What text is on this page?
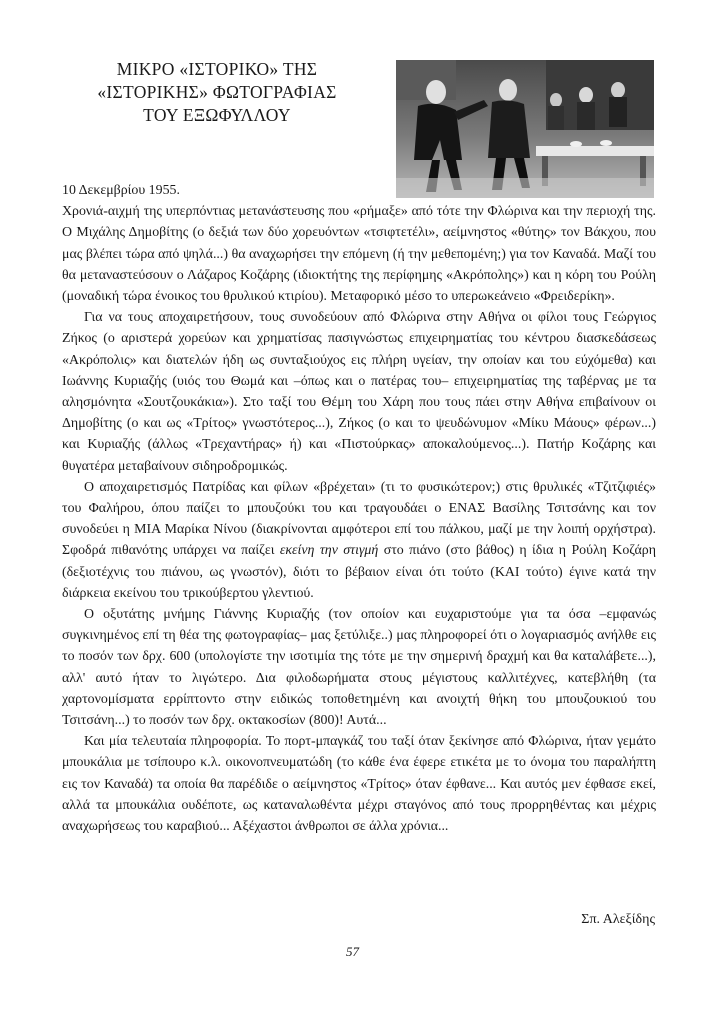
ΜΙΚΡΟ «ΙΣΤΟΡΙΚΟ» ΤΗΣ
«ΙΣΤΟΡΙΚΗΣ» ΦΩΤΟΓΡΑΦΙΑΣ
ΤΟΥ ΕΞΩΦΥΛΛΟΥ

10 Δεκεμβρίου 1955.

Χρονιά-αιχμή της υπερπόντιας μετανάστευσης που «ρήμαξε» από τότε την Φλώρινα και την περιοχή της. Ο Μιχάλης Δημοβίτης (ο δεξιά των δύο χορευόντων «τσιφτετέλι», αείμνηστος «θύτης» τον Βάκχου, που μας βλέπει τώρα από ψηλά...) θα αναχωρήσει την επόμενη (ή την μεθεπομένη;) για τον Καναδά. Μαζί του θα μεταναστεύσουν ο Λάζαρος Κοζάρης (ιδιοκτήτης της περίφημης «Ακρόπολης») και η κόρη του Ρούλη (μοναδική τώρα ένοικος του θρυλικού κτιρίου). Μεταφορικό μέσο το υπερωκεάνειο «Φρειδερίκη».

Για να τους αποχαιρετήσουν, τους συνοδεύουν από Φλώρινα στην Αθήνα οι φίλοι τους Γεώργιος Ζήκος (ο αριστερά χορεύων και χρηματίσας πασιγνώστως επιχειρηματίας του κέντρου διασκεδάσεως «Ακρόπολις» και διατελών ήδη ως συνταξιούχος εις πλήρη υγείαν, την οποίαν και του εύχόμεθα) και Ιωάννης Κυριαζής (υιός του Θωμά και –όπως και ο πατέρας του– επιχειρηματίας της ταβέρνας με τα αλησμόνητα «Σουτζουκάκια»). Στο ταξί του Θέμη του Χάρη που τους πάει στην Αθήνα επιβαίνουν οι Δημοβίτης (ο και ως «Τρίτος» γνωστότερος...), Ζήκος (ο και το ψευδώνυμον «Μίκυ Μάους» φέρων...) και Κυριαζής (άλλως «Τρεχαντήρας» ή) και «Πιστούρκας» αποκαλούμενος...). Πατήρ Κοζάρης και θυγατέρα μεταβαίνουν σιδηροδρομικώς.

Ο αποχαιρετισμός Πατρίδας και φίλων «βρέχεται» (τι το φυσικώτερον;) στις θρυλικές «Τζιτζιφιές» του Φαλήρου, όπου παίζει το μπουζούκι του και τραγουδάει ο ΕΝΑΣ Βασίλης Τσιτσάνης και τον συνοδεύει η ΜΙΑ Μαρίκα Νίνου (διακρίνονται αμφότεροι επί του πάλκου, μαζί με την λοιπή ορχήστρα). Σφοδρά πιθανότης υπάρχει να παίζει εκείνη την στιγμή στο πιάνο (στο βάθος) η ίδια η Ρούλη Κοζάρη (δεξιοτέχνις του πιάνου, ως γνωστόν), διότι το βέβαιον είναι ότι τούτο (ΚΑΙ τούτο) έγινε κατά την διάρκεια εκείνου του τρικούβερτου γλεντιού.

Ο οξυτάτης μνήμης Γιάννης Κυριαζής (τον οποίον και ευχαριστούμε για τα όσα –εμφανώς συγκινημένος επί τη θέα της φωτογραφίας– μας ξετύλιξε..) μας πληροφορεί ότι ο λογαριασμός ανήλθε εις το ποσόν των δρχ. 600 (υπολογίστε την ισοτιμία της τότε με την σημερινή δραχμή και θα καταλάβετε...), αλλ' αυτό ήταν το λιγώτερο. Δια φιλοδωρήματα στους μέγιστους καλλιτέχνες, κατεβλήθη (τα χαρτονομίσματα ερρίπτοντο στην ειδικώς τοποθετημένη και ανοιχτή θήκη του μπουζουκιού του Τσιτσάνη...) το ποσόν των δρχ. οκτακοσίων (800)! Αυτά...

Και μία τελευταία πληροφορία. Το πορτ-μπαγκάζ του ταξί όταν ξεκίνησε από Φλώρινα, ήταν γεμάτο μπουκάλια με τσίπουρο κ.λ. οικονοπνευματώδη (το κάθε ένα έφερε ετικέτα με το όνομα του παραλήπτη εις τον Καναδά) τα οποία θα παρέδιδε ο αείμνηστος «Τρίτος» όταν έφθανε... Και αυτός μεν έφθασε εκεί, αλλά τα μπουκάλια ουδέποτε, ως καταναλωθέντα μέχρι σταγόνος από τους προρρηθέντας και μέχρις αναχωρήσεως του καραβιού... Αξέχαστοι άνθρωποι σε άλλα χρόνια...

Σπ. Αλεξίδης
57
